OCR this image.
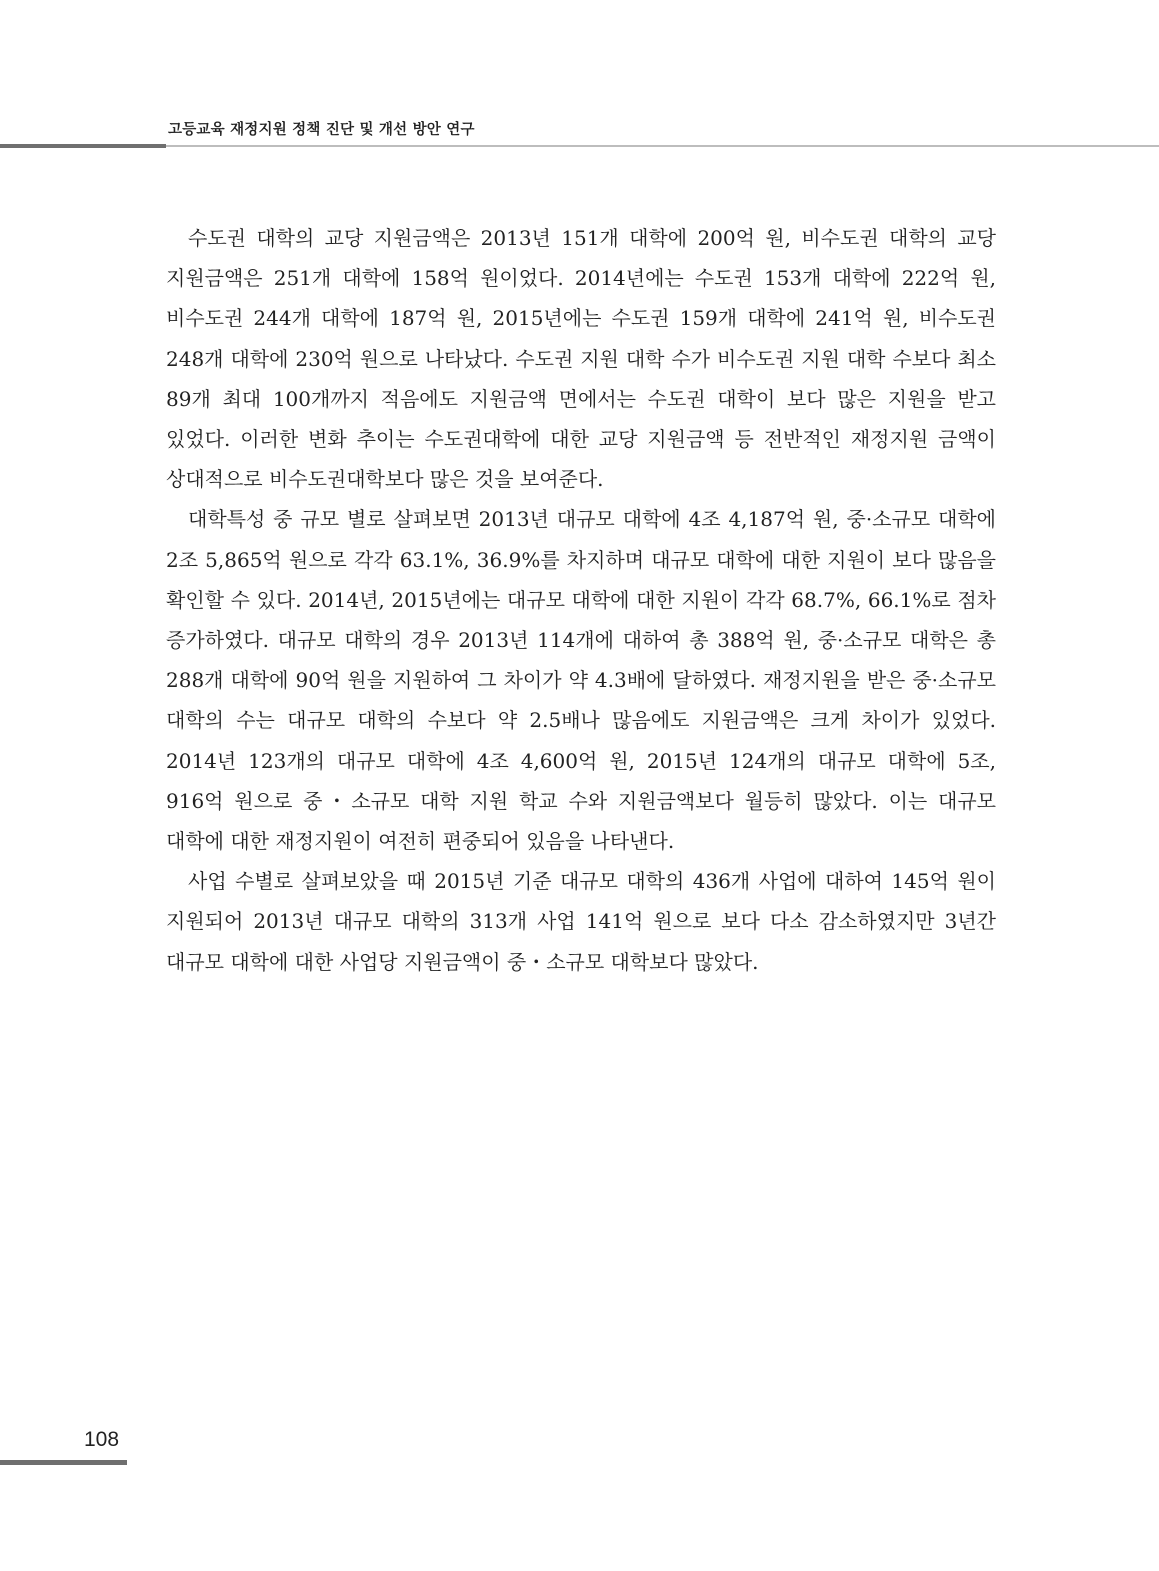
고등교육 재정지원 정책 진단 및 개선 방안 연구

수도권 대학의 교당 지원금액은 2013년 151개 대학에 200억 원, 비수도권 대학의 교당 지원금액은 251개 대학에 158억 원이었다. 2014년에는 수도권 153개 대학에 222억 원, 비수도권 244개 대학에 187억 원, 2015년에는 수도권 159개 대학에 241억 원, 비수도권 248개 대학에 230억 원으로 나타났다. 수도권 지원 대학 수가 비수도권 지원 대학 수보다 최소 89개 최대 100개까지 적음에도 지원금액 면에서는 수도권 대학이 보다 많은 지원을 받고 있었다. 이러한 변화 추이는 수도권대학에 대한 교당 지원금액 등 전반적인 재정지원 금액이 상대적으로 비수도권대학보다 많은 것을 보여준다.

대학특성 중 규모 별로 살펴보면 2013년 대규모 대학에 4조 4,187억 원, 중·소규모 대학에 2조 5,865억 원으로 각각 63.1%, 36.9%를 차지하며 대규모 대학에 대한 지원이 보다 많음을 확인할 수 있다. 2014년, 2015년에는 대규모 대학에 대한 지원이 각각 68.7%, 66.1%로 점차 증가하였다. 대규모 대학의 경우 2013년 114개에 대하여 총 388억 원, 중·소규모 대학은 총 288개 대학에 90억 원을 지원하여 그 차이가 약 4.3배에 달하였다. 재정지원을 받은 중·소규모 대학의 수는 대규모 대학의 수보다 약 2.5배나 많음에도 지원금액은 크게 차이가 있었다. 2014년 123개의 대규모 대학에 4조 4,600억 원, 2015년 124개의 대규모 대학에 5조, 916억 원으로 중・소규모 대학 지원 학교 수와 지원금액보다 월등히 많았다. 이는 대규모 대학에 대한 재정지원이 여전히 편중되어 있음을 나타낸다.

사업 수별로 살펴보았을 때 2015년 기준 대규모 대학의 436개 사업에 대하여 145억 원이 지원되어 2013년 대규모 대학의 313개 사업 141억 원으로 보다 다소 감소하였지만 3년간 대규모 대학에 대한 사업당 지원금액이 중・소규모 대학보다 많았다.

108
